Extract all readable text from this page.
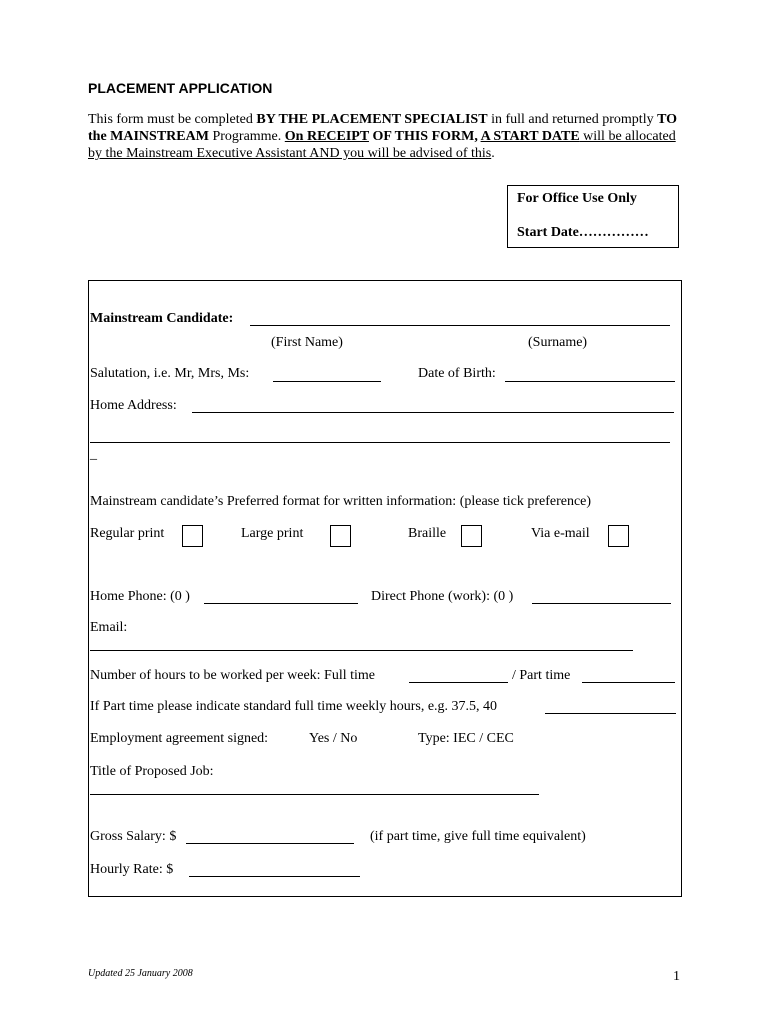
PLACEMENT APPLICATION
This form must be completed BY THE PLACEMENT SPECIALIST in full and returned promptly TO the MAINSTREAM Programme. On RECEIPT OF THIS FORM, A START DATE will be allocated by the Mainstream Executive Assistant AND you will be advised of this.
For Office Use Only
Start Date……………
Mainstream Candidate:
(First Name)	(Surname)
Salutation, i.e. Mr, Mrs, Ms:	Date of Birth:
Home Address:
_
Mainstream candidate’s Preferred format for written information: (please tick preference)
Regular print	Large print	Braille	Via e-mail
Home Phone: (0 )	Direct Phone (work): (0 )
Email:
Number of hours to be worked per week: Full time	/ Part time
If Part time please indicate standard full time weekly hours, e.g. 37.5, 40
Employment agreement signed:	Yes / No	Type: IEC / CEC
Title of Proposed Job:
Gross Salary: $	(if part time, give full time equivalent)
Hourly Rate: $
Updated 25 January 2008	1
